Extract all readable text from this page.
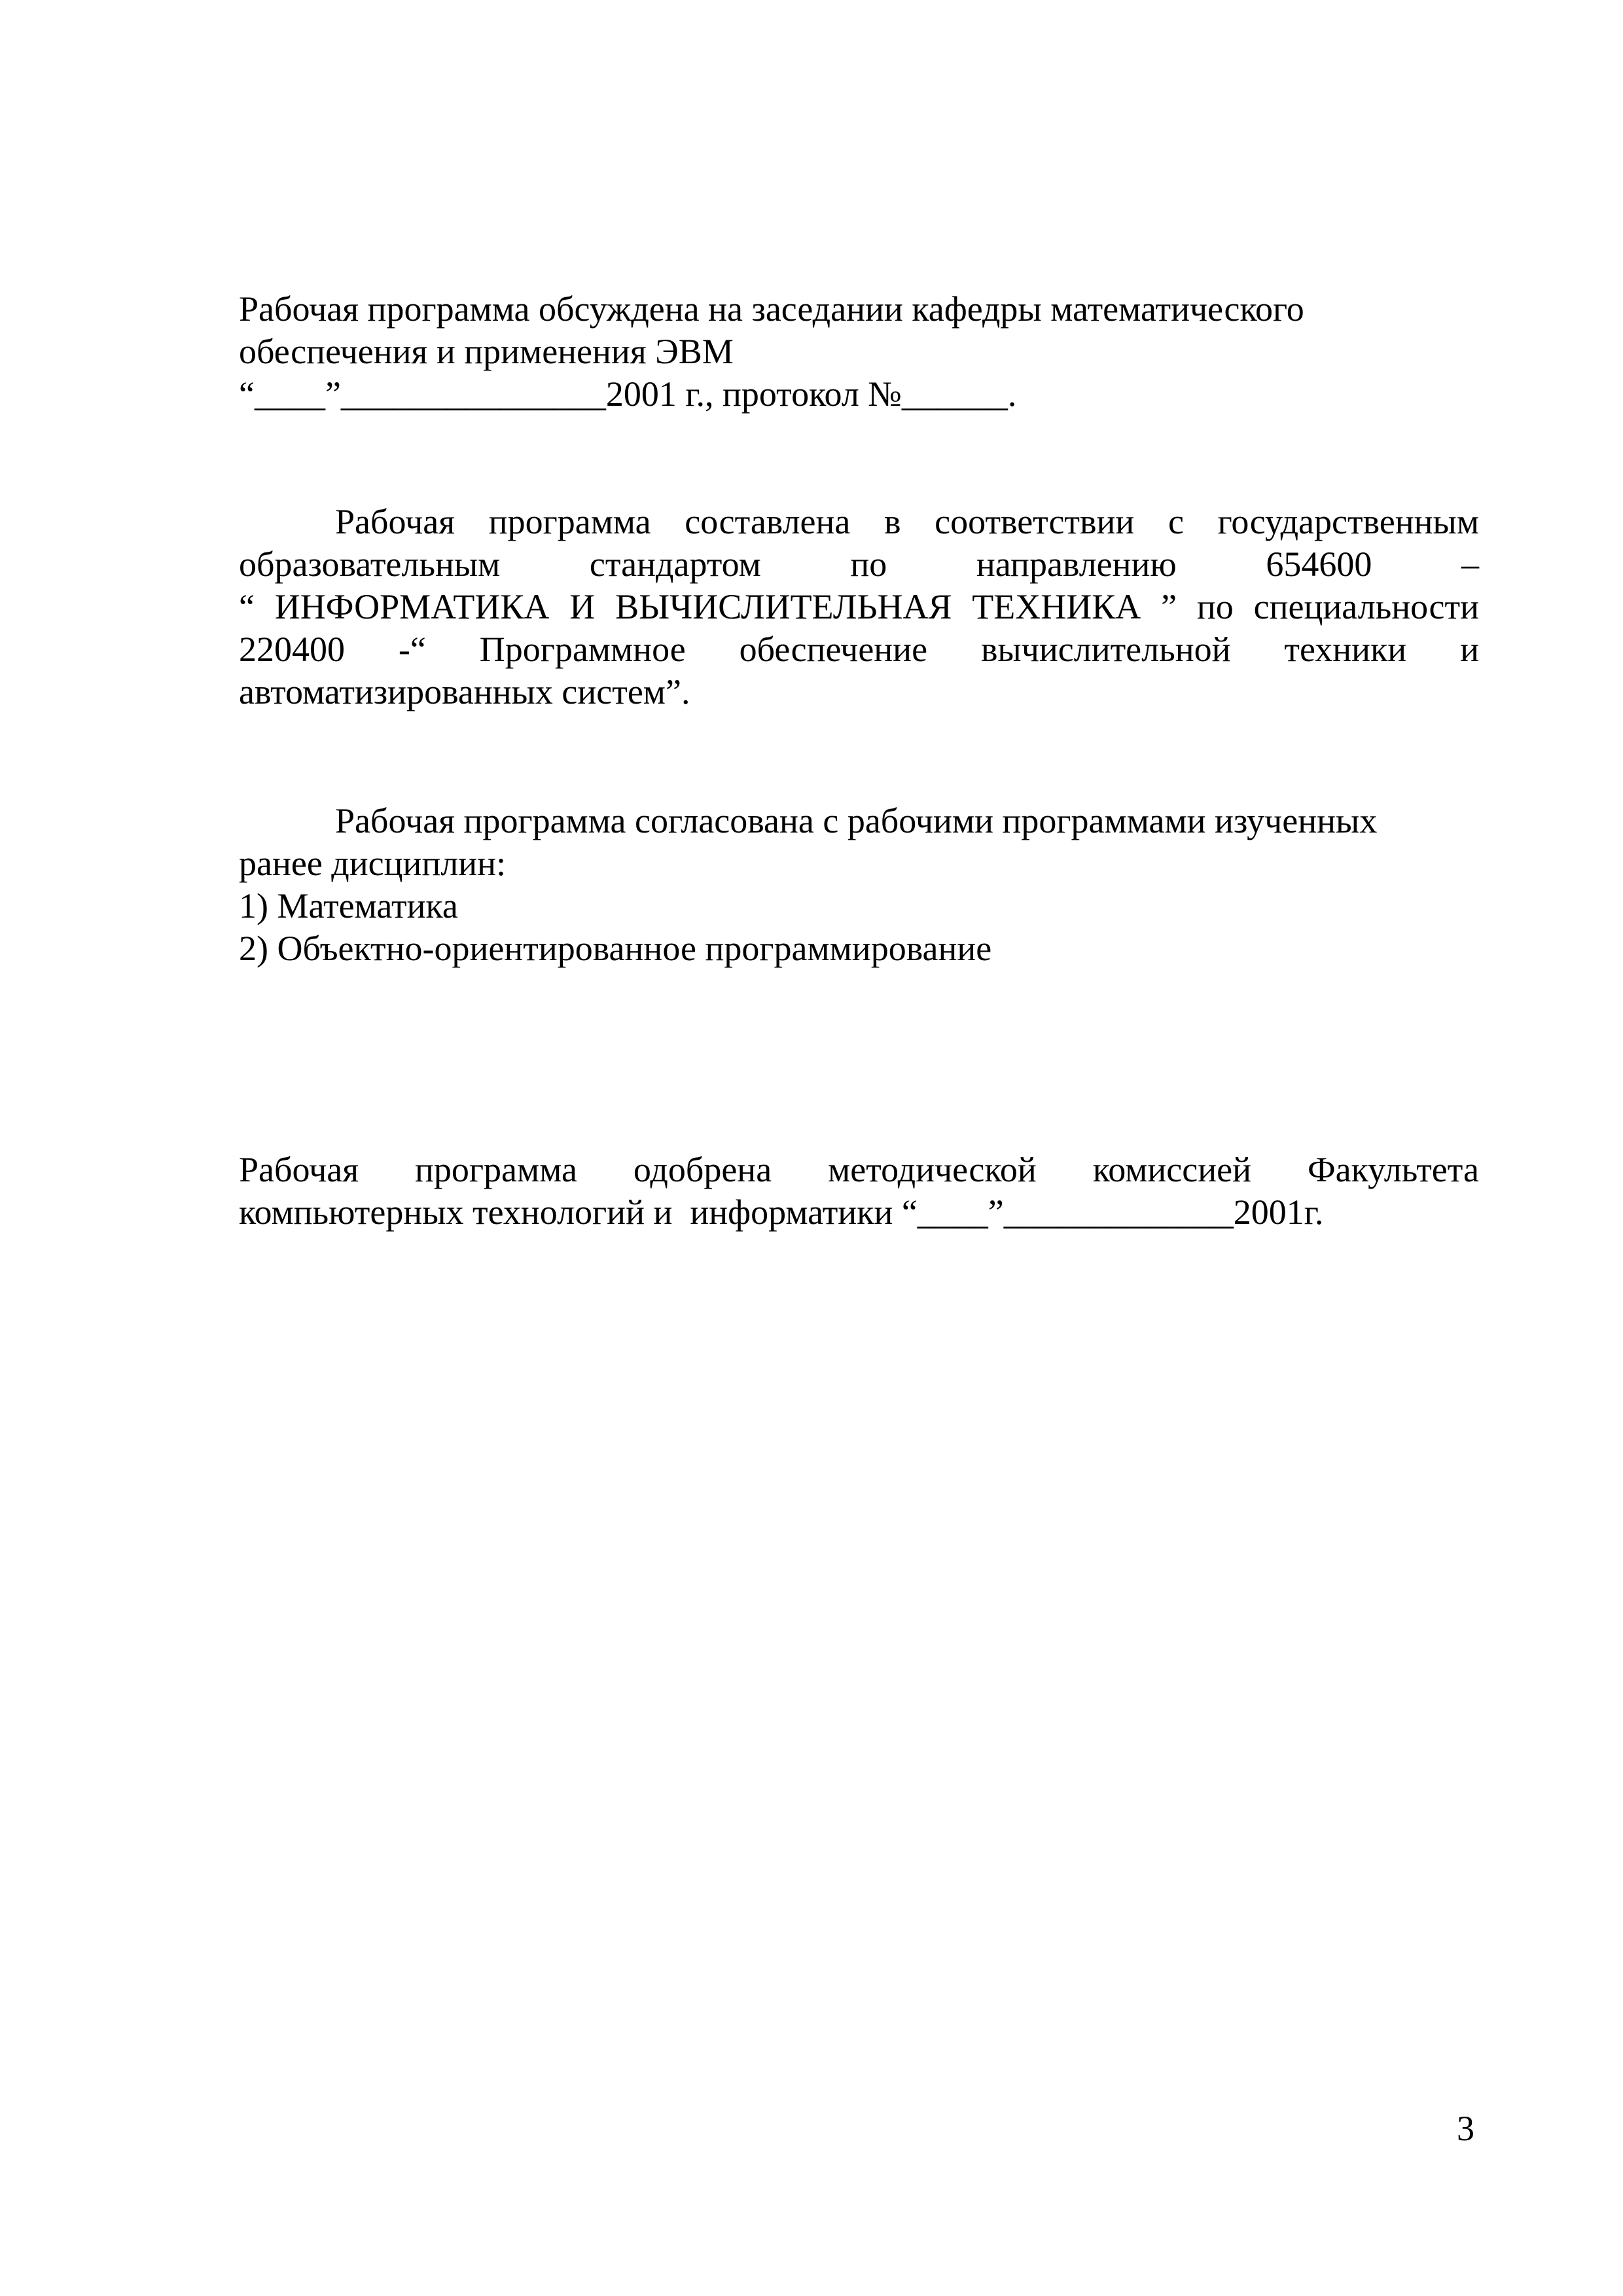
Рабочая программа обсуждена на заседании кафедры математического
обеспечения и применения ЭВМ
“____”_______________2001 г., протокол №______.
Рабочая программа составлена в соответствии с государственным
образовательным стандартом по направлению 654600 –
“ ИНФОРМАТИКА И ВЫЧИСЛИТЕЛЬНАЯ ТЕХНИКА ” по специальности
220400 -“ Программное обеспечение вычислительной техники и
автоматизированных систем”.
Рабочая программа согласована с рабочими программами изученных
ранее дисциплин:
1) Математика
2) Объектно-ориентированное программирование
Рабочая программа одобрена методической комиссией Факультета
компьютерных технологий и  информатики “____”_____________2001г.
3
